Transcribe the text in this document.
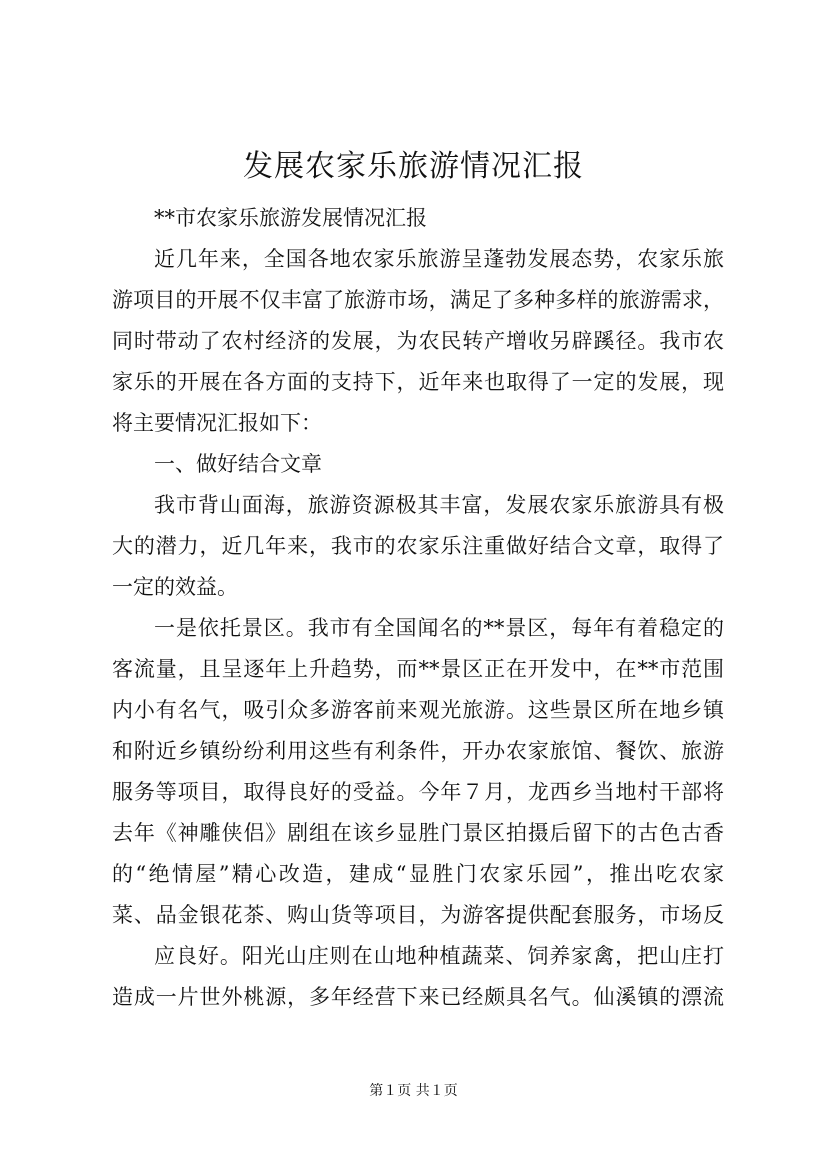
发展农家乐旅游情况汇报
**市农家乐旅游发展情况汇报
近几年来，全国各地农家乐旅游呈蓬勃发展态势，农家乐旅
游项目的开展不仅丰富了旅游市场，满足了多种多样的旅游需求，
同时带动了农村经济的发展，为农民转产增收另辟蹊径。我市农
家乐的开展在各方面的支持下，近年来也取得了一定的发展，现
将主要情况汇报如下：
一、做好结合文章
我市背山面海，旅游资源极其丰富，发展农家乐旅游具有极
大的潜力，近几年来，我市的农家乐注重做好结合文章，取得了
一定的效益。
一是依托景区。我市有全国闻名的**景区，每年有着稳定的
客流量，且呈逐年上升趋势，而**景区正在开发中，在**市范围
内小有名气，吸引众多游客前来观光旅游。这些景区所在地乡镇
和附近乡镇纷纷利用这些有利条件，开办农家旅馆、餐饮、旅游
服务等项目，取得良好的受益。今年７月，龙西乡当地村干部将
去年《神雕侠侣》剧组在该乡显胜门景区拍摄后留下的古色古香
的“绝情屋”精心改造，建成“显胜门农家乐园”，推出吃农家
菜、品金银花茶、购山货等项目，为游客提供配套服务，市场反
应良好。阳光山庄则在山地种植蔬菜、饲养家禽，把山庄打
造成一片世外桃源，多年经营下来已经颇具名气。仙溪镇的漂流
第１页 共１页
